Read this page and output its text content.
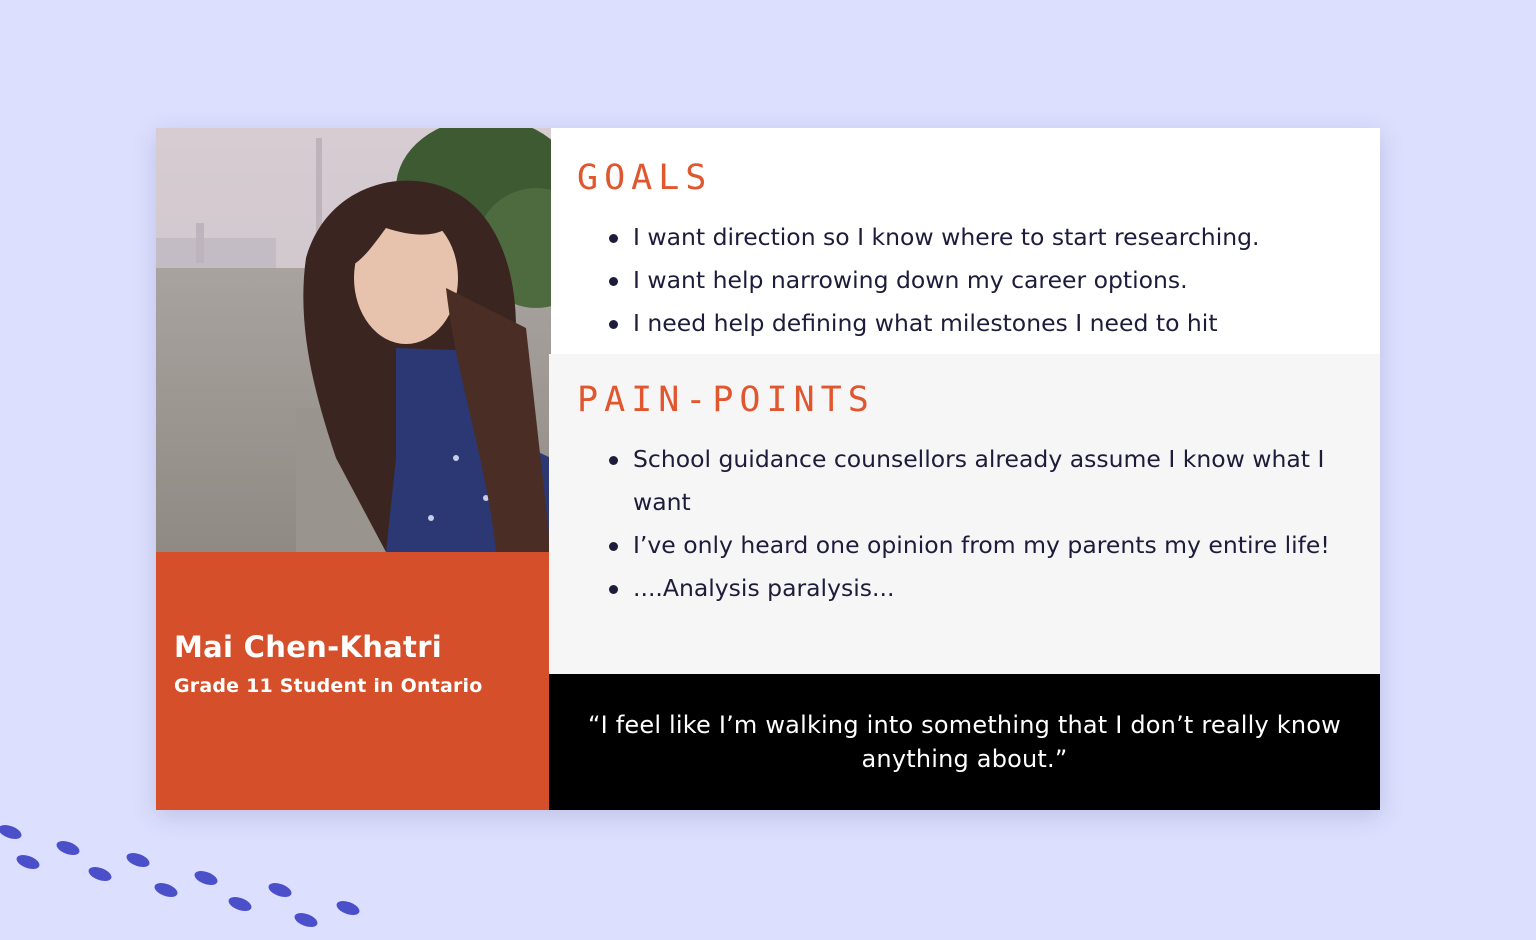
Mai Chen-Khatri
Grade 11 Student in Ontario
GOALS
I want direction so I know where to start researching.
I want help narrowing down my career options.
I need help defining what milestones I need to hit
PAIN-POINTS
School guidance counsellors already assume I know what I want
I’ve only heard one opinion from my parents my entire life!
....Analysis paralysis...

“I feel like I’m walking into something that I don’t really know anything about.”
